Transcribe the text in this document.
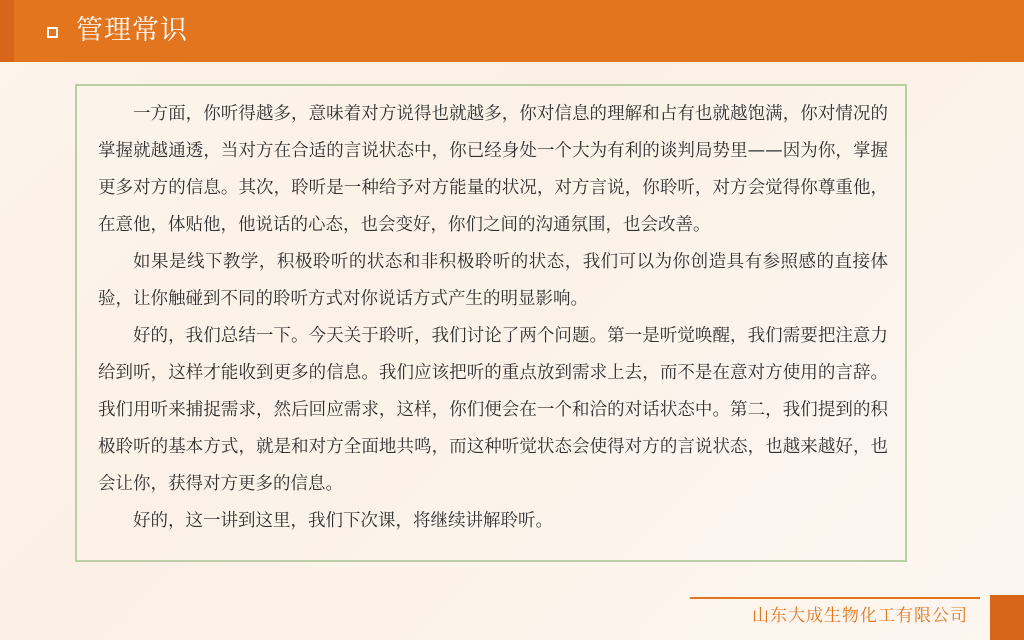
管理常识

一方面，你听得越多，意味着对方说得也就越多，你对信息的理解和占有也就越饱满，你对情况的掌握就越通透，当对方在合适的言说状态中，你已经身处一个大为有利的谈判局势里——因为你，掌握更多对方的信息。其次，聆听是一种给予对方能量的状况，对方言说，你聆听，对方会觉得你尊重他，在意他，体贴他，他说话的心态，也会变好，你们之间的沟通氛围，也会改善。

如果是线下教学，积极聆听的状态和非积极聆听的状态，我们可以为你创造具有参照感的直接体验，让你触碰到不同的聆听方式对你说话方式产生的明显影响。

好的，我们总结一下。今天关于聆听，我们讨论了两个问题。第一是听觉唤醒，我们需要把注意力给到听，这样才能收到更多的信息。我们应该把听的重点放到需求上去，而不是在意对方使用的言辞。我们用听来捕捉需求，然后回应需求，这样，你们便会在一个和洽的对话状态中。第二，我们提到的积极聆听的基本方式，就是和对方全面地共鸣，而这种听觉状态会使得对方的言说状态，也越来越好，也会让你，获得对方更多的信息。

好的，这一讲到这里，我们下次课，将继续讲解聆听。

山东大成生物化工有限公司
